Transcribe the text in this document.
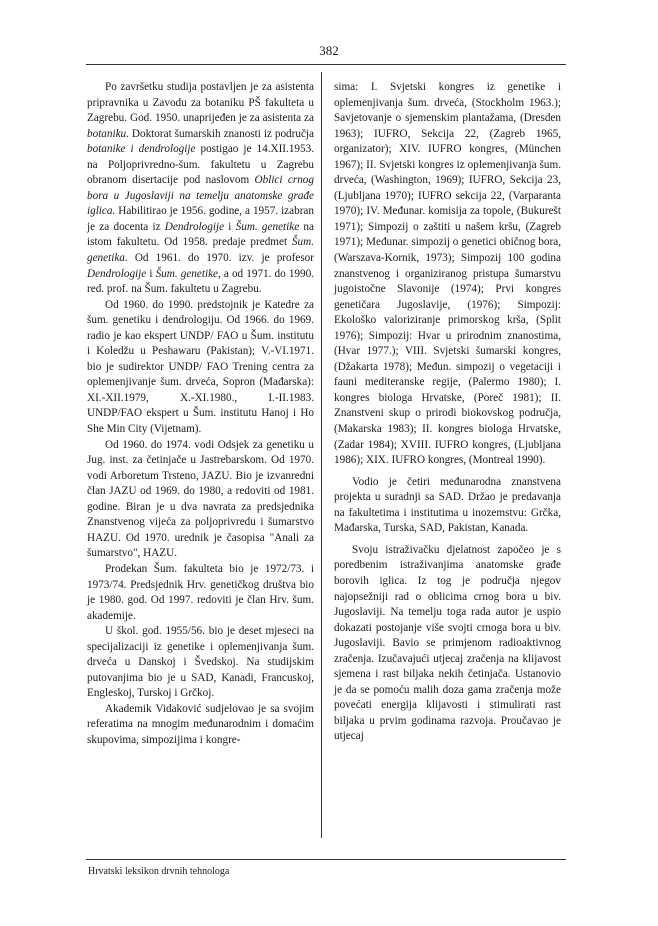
382

Po završetku studija postavljen je za asistenta pripravnika u Zavodu za botaniku PŠ fakulteta u Zagrebu. God. 1950. unaprijeđen je za asistenta za botaniku. Doktorat šumarskih znanosti iz područja botanike i dendrologije postigao je 14.XII.1953. na Poljoprivredno-šum. fakultetu u Zagrebu obranom disertacije pod naslovom Oblici crnog bora u Jugoslaviji na temelju anatomske građe iglica. Habilitirao je 1956. godine, a 1957. izabran je za docenta iz Dendrologije i Šum. genetike na istom fakultetu. Od 1958. predaje predmet Šum. genetika. Od 1961. do 1970. izv. je profesor Dendrologije i Šum. genetike, a od 1971. do 1990. red. prof. na Šum. fakultetu u Zagrebu.

Od 1960. do 1990. predstojnik je Katedre za šum. genetiku i dendrologiju. Od 1966. do 1969. radio je kao ekspert UNDP/ FAO u Šum. institutu i Koledžu u Peshawaru (Pakistan); V.-VI.1971. bio je sudirektor UNDP/ FAO Trening centra za oplemenjivanje šum. drveća, Sopron (Mađarska): XI.-XII.1979, X.-XI.1980., I.-II.1983. UNDP/FAO ekspert u Šum. institutu Hanoj i Ho She Min City (Vijetnam).

Od 1960. do 1974. vodi Odsjek za genetiku u Jug. inst. za četinjače u Jastrebarskom. Od 1970. vodi Arboretum Trsteno, JAZU. Bio je izvanredni član JAZU od 1969. do 1980, a redoviti od 1981. godine. Biran je u dva navrata za predsjednika Znanstvenog vijeća za poljoprivredu i šumarstvo HAZU. Od 1970. urednik je časopisa "Anali za šumarstvo", HAZU.

Prodekan Šum. fakulteta bio je 1972/73. i 1973/74. Predsjednik Hrv. genetičkog društva bio je 1980. god. Od 1997. redoviti je član Hrv. šum. akademije.

U škol. god. 1955/56. bio je deset mjeseci na specijalizaciji iz genetike i oplemenjivanja šum. drveća u Danskoj i Švedskoj. Na studijskim putovanjima bio je u SAD, Kanadi, Francuskoj, Engleskoj, Turskoj i Grčkoj.

Akademik Vidaković sudjelovao je sa svojim referatima na mnogim međunarodnim i domaćim skupovima, simpozijima i kongre-

sima: I. Svjetski kongres iz genetike i oplemenjivanja šum. drveća, (Stockholm 1963.); Savjetovanje o sjemenskim plantažama, (Dresden 1963); IUFRO, Sekcija 22, (Zagreb 1965, organizator); XIV. IUFRO kongres, (München 1967); II. Svjetski kongres iz oplemenjivanja šum. drveća, (Washington, 1969); IUFRO, Sekcija 23, (Ljubljana 1970); IUFRO sekcija 22, (Varparanta 1970); IV. Međunar. komisija za topole, (Bukurešt 1971); Simpozij o zaštiti u našem kršu, (Zagreb 1971); Međunar. simpozij o genetici običnog bora, (Warszava-Kornik, 1973); Simpozij 100 godina znanstvenog i organiziranog pristupa šumarstvu jugoistočne Slavonije (1974); Prvi kongres genetičara Jugoslavije, (1976); Simpozij: Ekološko valoriziranje primorskog krša, (Split 1976); Simpozij: Hvar u prirodnim znanostima, (Hvar 1977.); VIII. Svjetski šumarski kongres, (Džakarta 1978); Međun. simpozij o vegetaciji i fauni mediteranske regije, (Palermo 1980); I. kongres biologa Hrvatske, (Poreč 1981); II. Znanstveni skup o prirodi biokovskog područja, (Makarska 1983); II. kongres biologa Hrvatske, (Zadar 1984); XVIII. IUFRO kongres, (Ljubljana 1986); XIX. IUFRO kongres, (Montreal 1990).

Vodio je četiri međunarodna znanstvena projekta u suradnji sa SAD. Držao je predavanja na fakultetima i institutima u inozemstvu: Grčka, Mađarska, Turska, SAD, Pakistan, Kanada.

Svoju istraživačku djelatnost započeo je s poredbenim istraživanjima anatomske građe borovih iglica. Iz tog je područja njegov najopsežniji rad o oblicima crnog bora u biv. Jugoslaviji. Na temelju toga rada autor je uspio dokazati postojanje više svojti crnoga bora u biv. Jugoslaviji. Bavio se primjenom radioaktivnog zračenja. Izučavajući utjecaj zračenja na klijavost sjemena i rast biljaka nekih četinjača. Ustanovio je da se pomoću malih doza gama zračenja može povećati energija klijavosti i stimulirati rast biljaka u prvim godinama razvoja. Proučavao je utjecaj

Hrvatski leksikon drvnih tehnologa
